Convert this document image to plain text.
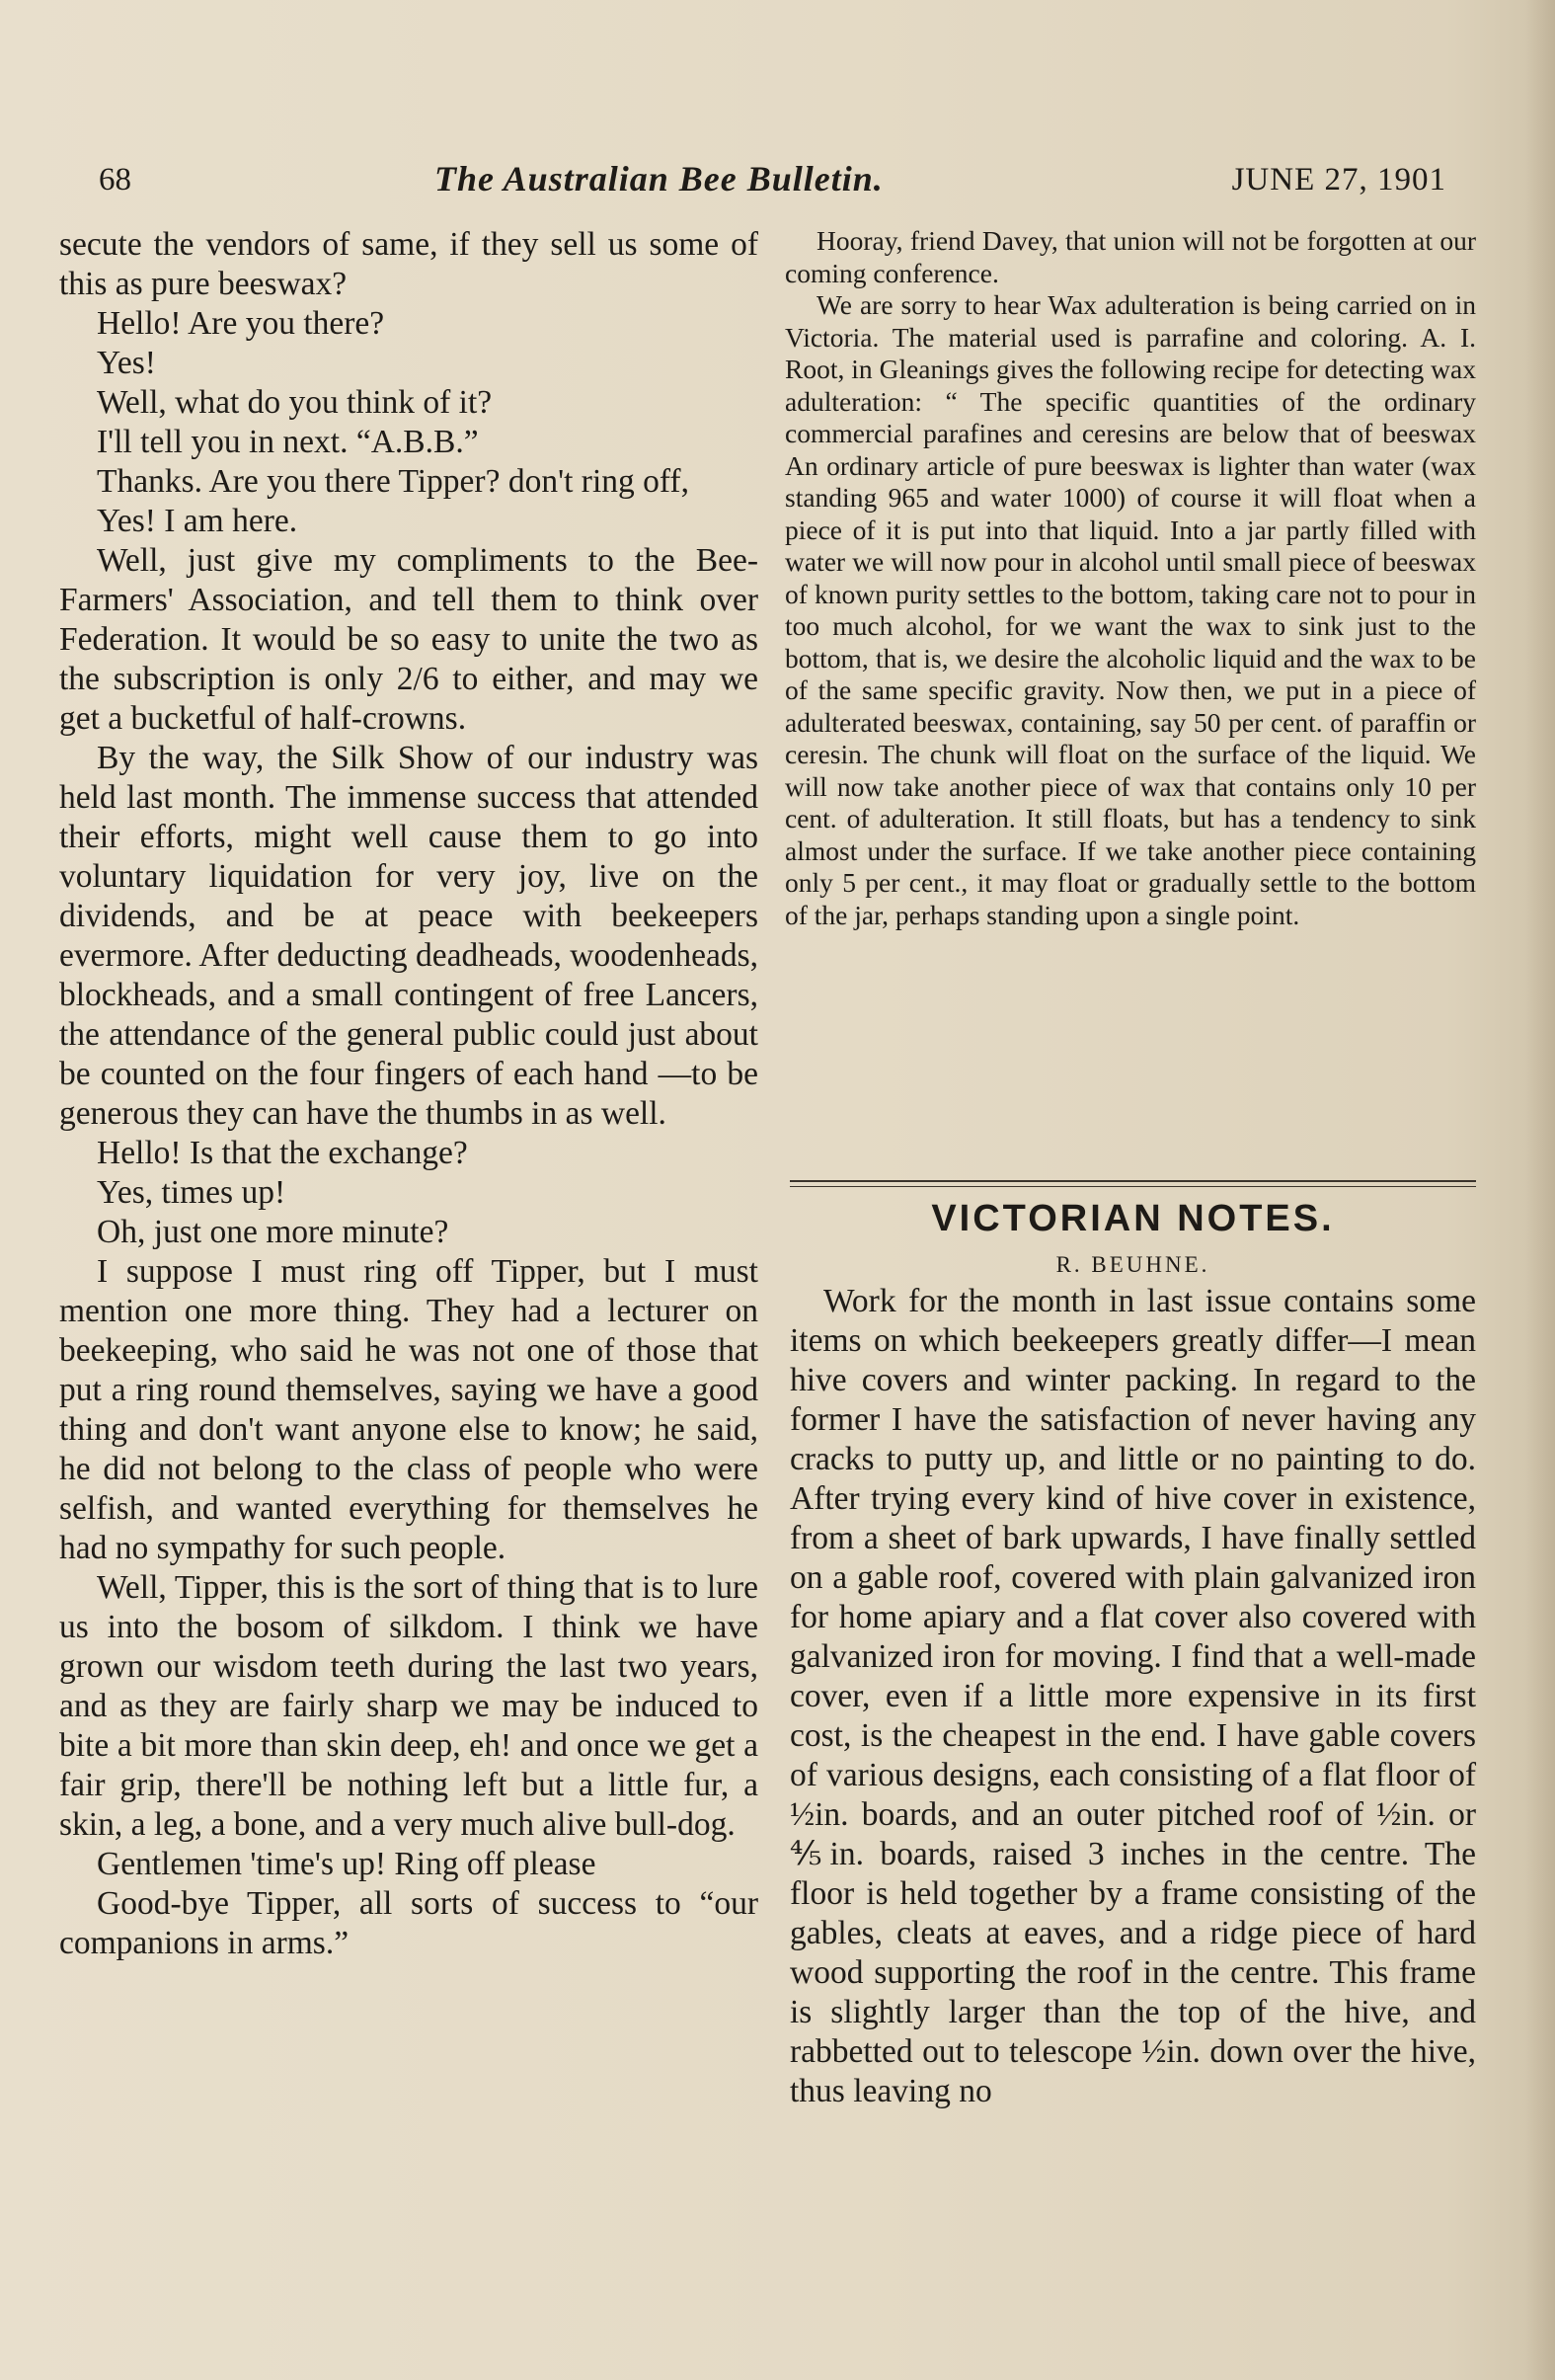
68	The Australian Bee Bulletin.	JUNE 27, 1901

secute the vendors of same, if they sell us some of this as pure beeswax?

Hello! Are you there?

Yes!

Well, what do you think of it?

I'll tell you in next. “A.B.B.”

Thanks. Are you there Tipper? don't ring off,

Yes! I am here.

Well, just give my compliments to the Bee-Farmers' Association, and tell them to think over Federation. It would be so easy to unite the two as the subscription is only 2/6 to either, and may we get a bucketful of half-crowns.

By the way, the Silk Show of our industry was held last month. The immense success that attended their efforts, might well cause them to go into voluntary liquidation for very joy, live on the dividends, and be at peace with beekeepers evermore. After deducting deadheads, woodenheads, blockheads, and a small contingent of free Lancers, the attendance of the general public could just about be counted on the four fingers of each hand —to be generous they can have the thumbs in as well.

Hello! Is that the exchange?

Yes, times up!

Oh, just one more minute?

I suppose I must ring off Tipper, but I must mention one more thing. They had a lecturer on beekeeping, who said he was not one of those that put a ring round themselves, saying we have a good thing and don't want anyone else to know; he said, he did not belong to the class of people who were selfish, and wanted everything for themselves he had no sympathy for such people.

Well, Tipper, this is the sort of thing that is to lure us into the bosom of silkdom. I think we have grown our wisdom teeth during the last two years, and as they are fairly sharp we may be induced to bite a bit more than skin deep, eh! and once we get a fair grip, there'll be nothing left but a little fur, a skin, a leg, a bone, and a very much alive bull-dog.

Gentlemen 'time's up! Ring off please

Good-bye Tipper, all sorts of success to “our companions in arms.”

Hooray, friend Davey, that union will not be forgotten at our coming conference.

We are sorry to hear Wax adulteration is being carried on in Victoria. The material used is parrafine and coloring. A. I. Root, in Gleanings gives the following recipe for detecting wax adulteration: “ The specific quantities of the ordinary commercial parafines and ceresins are below that of beeswax An ordinary article of pure beeswax is lighter than water (wax standing 965 and water 1000) of course it will float when a piece of it is put into that liquid. Into a jar partly filled with water we will now pour in alcohol until small piece of beeswax of known purity settles to the bottom, taking care not to pour in too much alcohol, for we want the wax to sink just to the bottom, that is, we desire the alcoholic liquid and the wax to be of the same specific gravity. Now then, we put in a piece of adulterated beeswax, containing, say 50 per cent. of paraffin or ceresin. The chunk will float on the surface of the liquid. We will now take another piece of wax that contains only 10 per cent. of adulteration. It still floats, but has a tendency to sink almost under the surface. If we take another piece containing only 5 per cent., it may float or gradually settle to the bottom of the jar, perhaps standing upon a single point.

VICTORIAN NOTES.
R. BEUHNE.

Work for the month in last issue contains some items on which beekeepers greatly differ—I mean hive covers and winter packing. In regard to the former I have the satisfaction of never having any cracks to putty up, and little or no painting to do. After trying every kind of hive cover in existence, from a sheet of bark upwards, I have finally settled on a gable roof, covered with plain galvanized iron for home apiary and a flat cover also covered with galvanized iron for moving. I find that a well-made cover, even if a little more expensive in its first cost, is the cheapest in the end. I have gable covers of various designs, each consisting of a flat floor of ½in. boards, and an outer pitched roof of ½in. or ⅘in. boards, raised 3 inches in the centre. The floor is held together by a frame consisting of the gables, cleats at eaves, and a ridge piece of hard wood supporting the roof in the centre. This frame is slightly larger than the top of the hive, and rabbetted out to telescope ½in. down over the hive, thus leaving no
